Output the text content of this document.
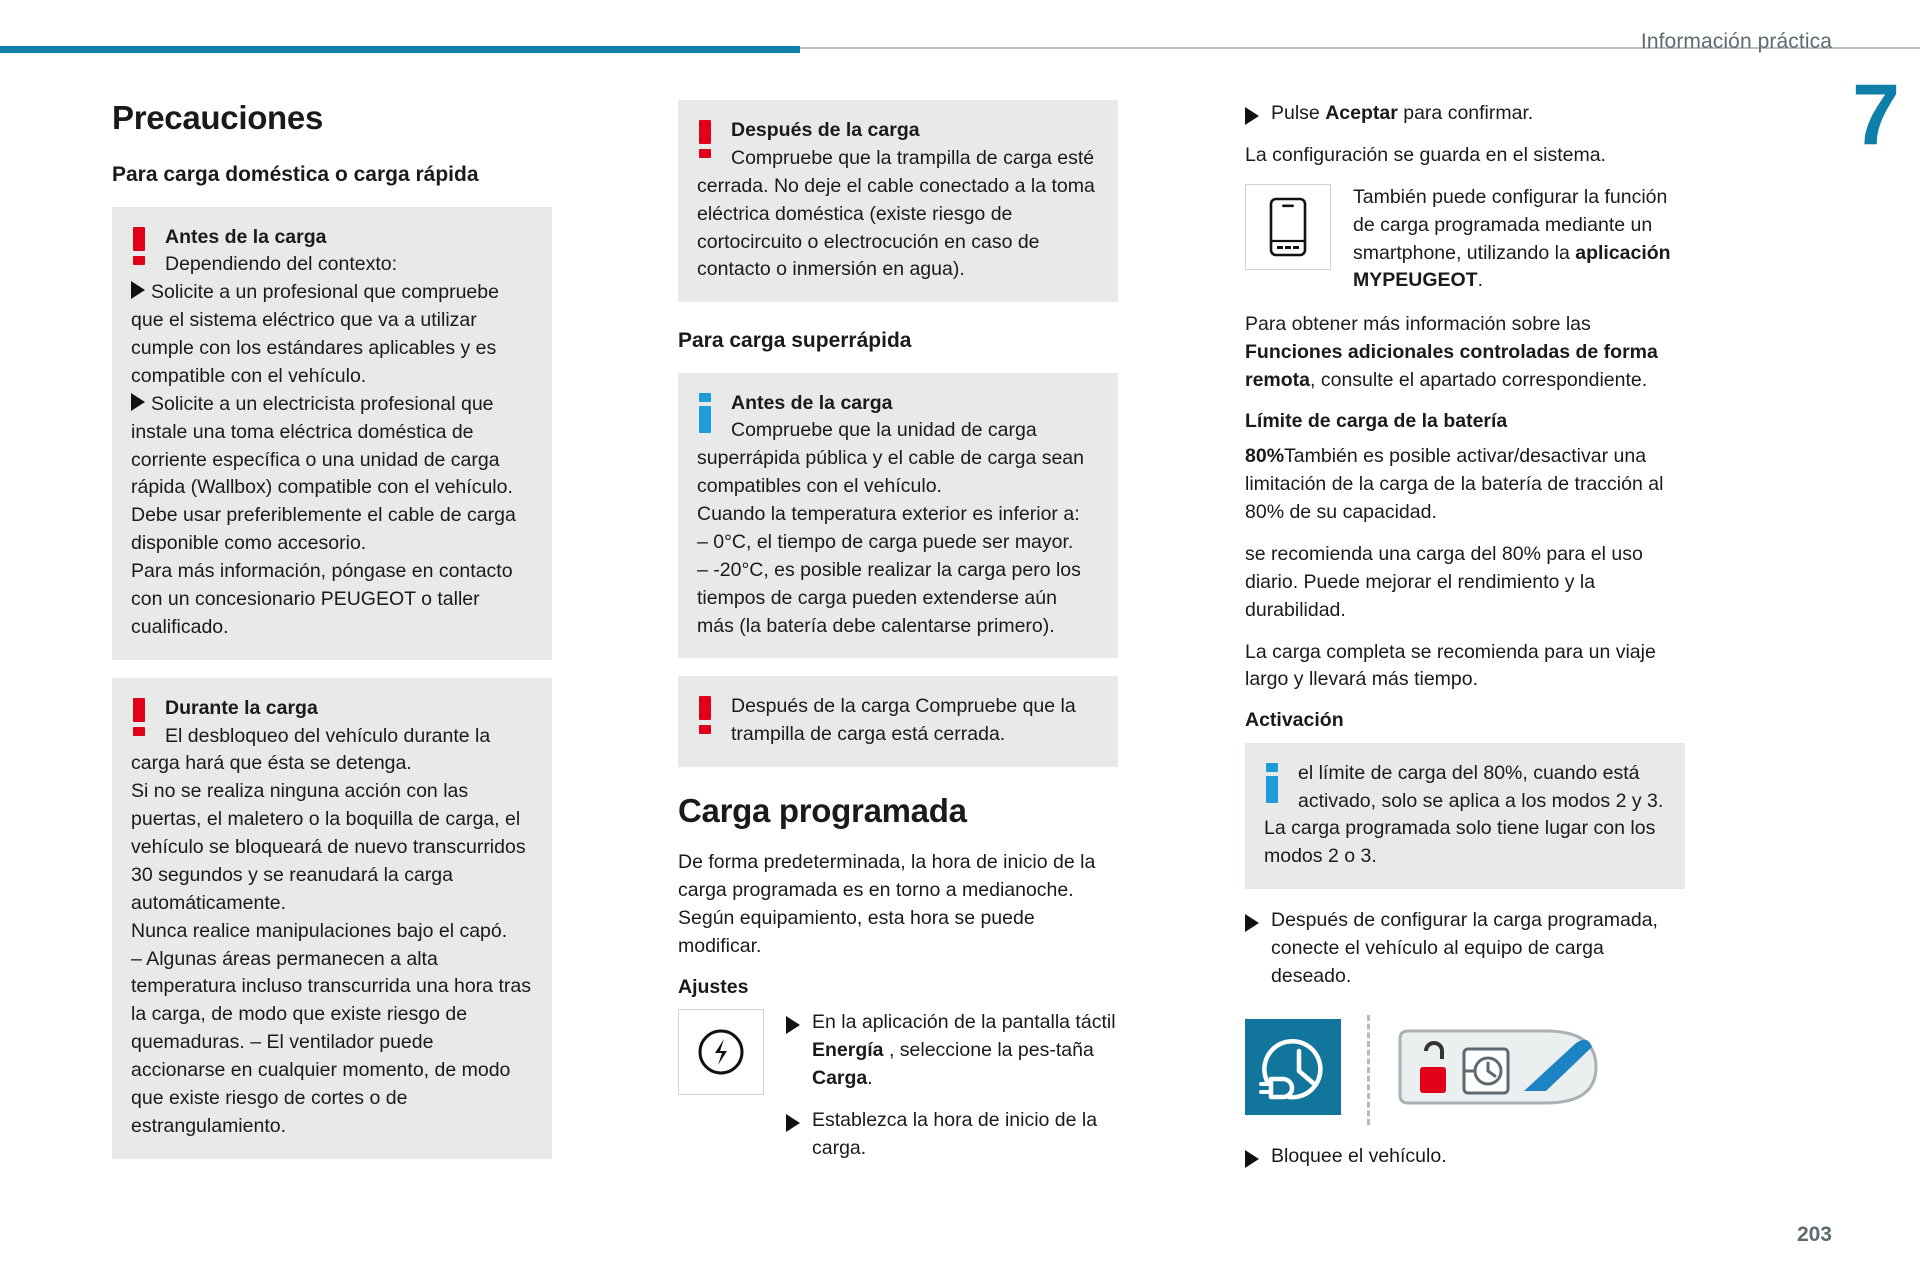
Información práctica
7
203
Precauciones
Para carga doméstica o carga rápida

Antes de la carga

Dependiendo del contexto:

Solicite a un profesional que compruebe que el sistema eléctrico que va a utilizar cumple con los estándares aplicables y es compatible con el vehículo.

Solicite a un electricista profesional que instale una toma eléctrica doméstica de corriente específica o una unidad de carga rápida (Wallbox) compatible con el vehículo.

Debe usar preferiblemente el cable de carga disponible como accesorio.

Para más información, póngase en contacto con un concesionario PEUGEOT o taller cualificado.

Durante la carga

El desbloqueo del vehículo durante la carga hará que ésta se detenga.

Si no se realiza ninguna acción con las puertas, el maletero o la boquilla de carga, el vehículo se bloqueará de nuevo transcurridos 30 segundos y se reanudará la carga automáticamente.

Nunca realice manipulaciones bajo el capó.

– Algunas áreas permanecen a alta temperatura incluso transcurrida una hora tras la carga, de modo que existe riesgo de quemaduras. – El ventilador puede accionarse en cualquier momento, de modo que existe riesgo de cortes o de estrangulamiento.

Después de la carga

Compruebe que la trampilla de carga esté cerrada. No deje el cable conectado a la toma eléctrica doméstica (existe riesgo de cortocircuito o electrocución en caso de contacto o inmersión en agua).

Para carga superrápida

Antes de la carga

Compruebe que la unidad de carga superrápida pública y el cable de carga sean compatibles con el vehículo.

Cuando la temperatura exterior es inferior a:

– 0°C, el tiempo de carga puede ser mayor.

– -20°C, es posible realizar la carga pero los tiempos de carga pueden extenderse aún más (la batería debe calentarse primero).

Después de la carga Compruebe que la trampilla de carga está cerrada.

Carga programada

De forma predeterminada, la hora de inicio de la carga programada es en torno a medianoche. Según equipamiento, esta hora se puede modificar.

Ajustes
En la aplicación de la pantalla táctil Energía , seleccione la pes-taña Carga.
Establezca la hora de inicio de la carga.
Pulse Aceptar para confirmar.

La configuración se guarda en el sistema.

También puede configurar la función de carga programada mediante un smartphone, utilizando la aplicación MYPEUGEOT.

Para obtener más información sobre las Funciones adicionales controladas de forma remota, consulte el apartado correspondiente.

Límite de carga de la batería

80%También es posible activar/desactivar una limitación de la carga de la batería de tracción al 80% de su capacidad.

se recomienda una carga del 80% para el uso diario. Puede mejorar el rendimiento y la durabilidad.

La carga completa se recomienda para un viaje largo y llevará más tiempo.

Activación

el límite de carga del 80%, cuando está activado, solo se aplica a los modos 2 y 3.

La carga programada solo tiene lugar con los modos 2 o 3.

Después de configurar la carga programada, conecte el vehículo al equipo de carga deseado.
Bloquee el vehículo.
